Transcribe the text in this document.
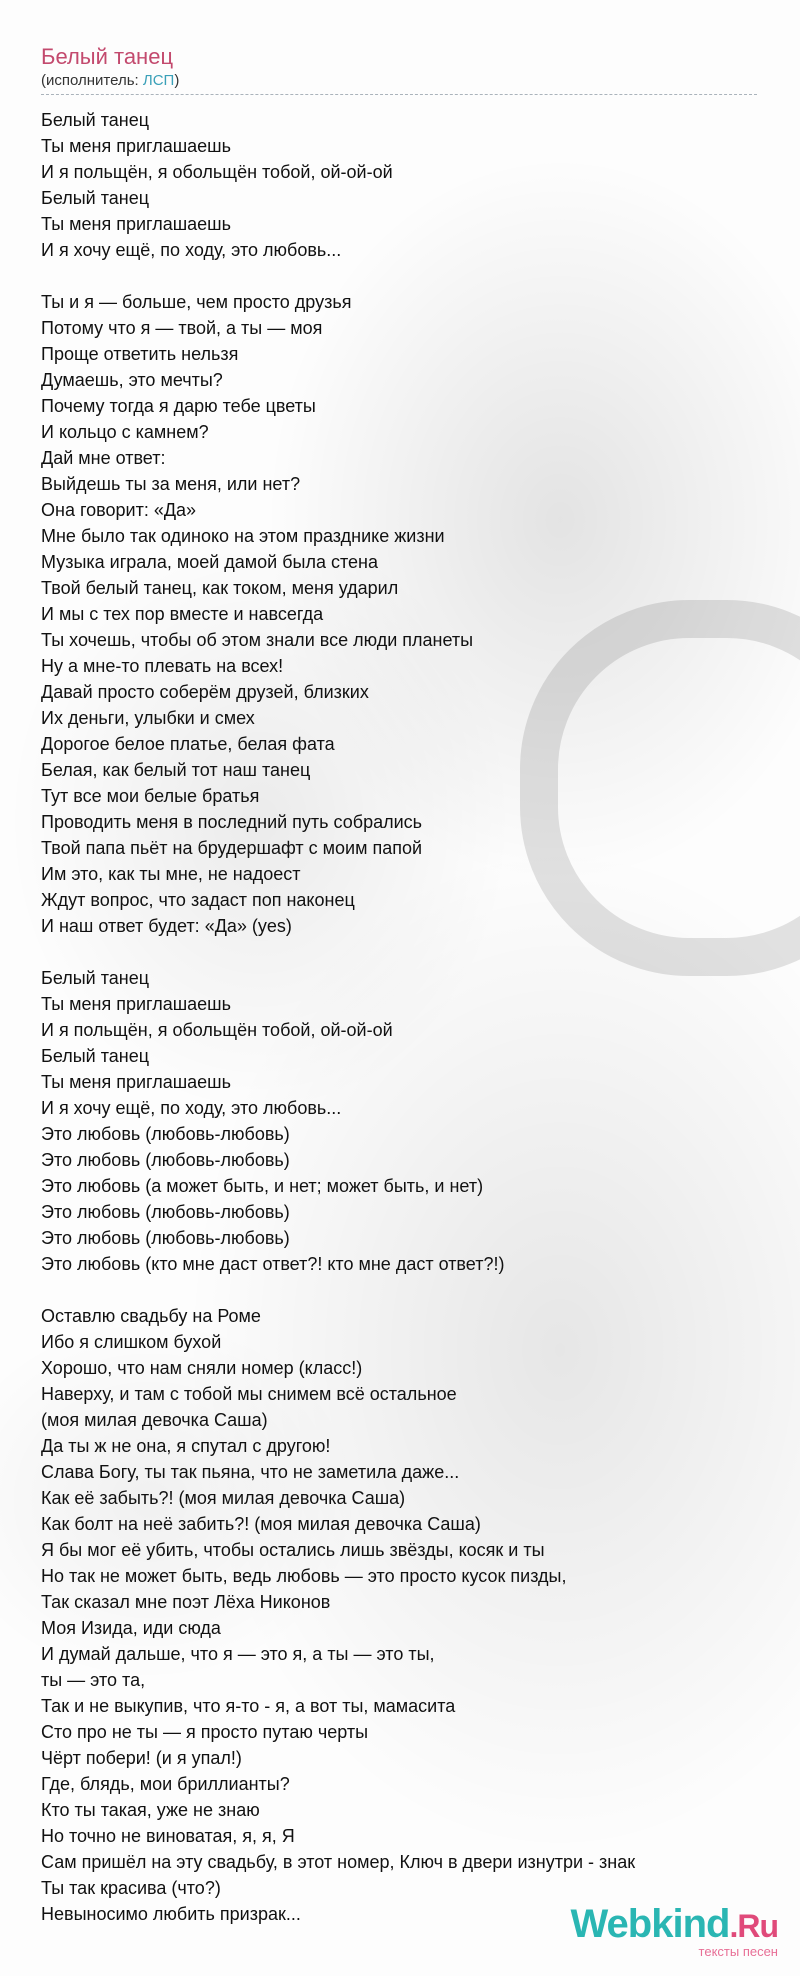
Белый танец
(исполнитель: ЛСП)
Белый танец
Ты меня приглашаешь
И я польщён, я обольщён тобой, ой-ой-ой
Белый танец
Ты меня приглашаешь
И я хочу ещё, по ходу, это любовь...
Ты и я — больше, чем просто друзья
Потому что я — твой, а ты — моя
Проще ответить нельзя
Думаешь, это мечты?
Почему тогда я дарю тебе цветы
И кольцо с камнем?
Дай мне ответ:
Выйдешь ты за меня, или нет?
Она говорит: «Да»
Мне было так одиноко на этом празднике жизни
Музыка играла, моей дамой была стена
Твой белый танец, как током, меня ударил
И мы с тех пор вместе и навсегда
Ты хочешь, чтобы об этом знали все люди планеты
Ну а мне-то плевать на всех!
Давай просто соберём друзей, близких
Их деньги, улыбки и смех
Дорогое белое платье, белая фата
Белая, как белый тот наш танец
Тут все мои белые братья
Проводить меня в последний путь собрались
Твой папа пьёт на брудершафт с моим папой
Им это, как ты мне, не надоест
Ждут вопрос, что задаст поп наконец
И наш ответ будет: «Да» (yes)
Белый танец
Ты меня приглашаешь
И я польщён, я обольщён тобой, ой-ой-ой
Белый танец
Ты меня приглашаешь
И я хочу ещё, по ходу, это любовь...
Это любовь (любовь-любовь)
Это любовь (любовь-любовь)
Это любовь (а может быть, и нет; может быть, и нет)
Это любовь (любовь-любовь)
Это любовь (любовь-любовь)
Это любовь (кто мне даст ответ?! кто мне даст ответ?!)
Оставлю свадьбу на Роме
Ибо я слишком бухой
Хорошо, что нам сняли номер (класс!)
Наверху, и там с тобой мы снимем всё остальное
(моя милая девочка Саша)
Да ты ж не она, я спутал с другою!
Слава Богу, ты так пьяна, что не заметила даже...
Как её забыть?! (моя милая девочка Саша)
Как болт на неё забить?! (моя милая девочка Саша)
Я бы мог её убить, чтобы остались лишь звёзды, косяк и ты
Но так не может быть, ведь любовь — это просто кусок пизды,
Так сказал мне поэт Лёха Никонов
Моя Изида, иди сюда
И думай дальше, что я — это я, а ты — это ты,
ты — это та,
Так и не выкупив, что я-то - я, а вот ты, мамасита
Сто про не ты — я просто путаю черты
Чёрт побери! (и я упал!)
Где, блядь, мои бриллианты?
Кто ты такая, уже не знаю
Но точно не виноватая, я, я, Я
Сам пришёл на эту свадьбу, в этот номер, Ключ в двери изнутри - знак
Ты так красива (что?)
Невыносимо любить призрак...	Webkind.Ru
тексты песен
